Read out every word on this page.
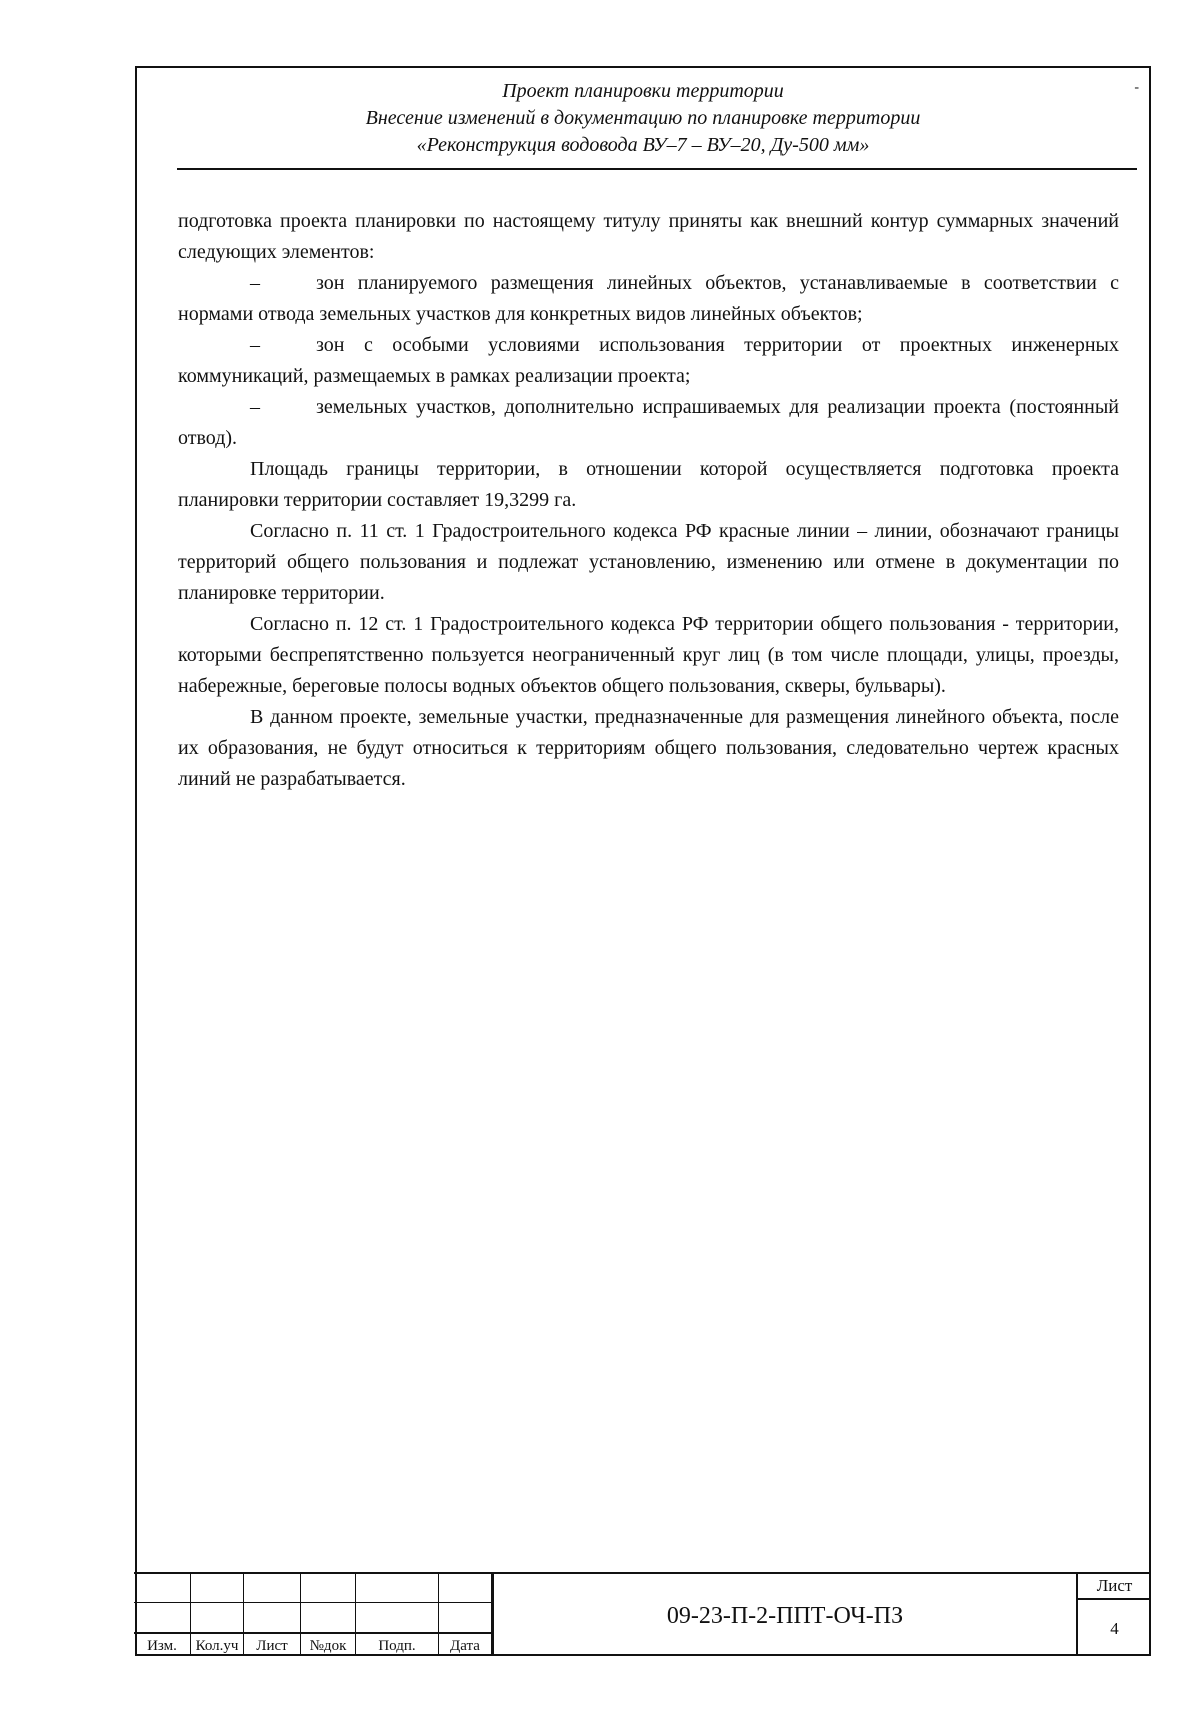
Проект планировки территории
Внесение изменений в документацию по планировке территории
«Реконструкция водовода ВУ–7 – ВУ–20, Ду-500 мм»
-

подготовка проекта планировки по настоящему титулу приняты как внешний контур суммарных значений следующих элементов:

–	зон планируемого размещения линейных объектов, устанавливаемые в соответствии с нормами отвода земельных участков для конкретных видов линейных объектов;

–	зон с особыми условиями использования территории от проектных инженерных коммуникаций, размещаемых в рамках реализации проекта;

–	земельных участков, дополнительно испрашиваемых для реализации проекта (постоянный отвод).

Площадь границы территории, в отношении которой осуществляется подготовка проекта планировки территории составляет 19,3299 га.

Согласно п. 11 ст. 1 Градостроительного кодекса РФ красные линии – линии, обозначают границы территорий общего пользования и подлежат установлению, изменению или отмене в документации по планировке территории.

Согласно п. 12 ст. 1 Градостроительного кодекса РФ территории общего пользования - территории, которыми беспрепятственно пользуется неограниченный круг лиц (в том числе площади, улицы, проезды, набережные, береговые полосы водных объектов общего пользования, скверы, бульвары).

В данном проекте, земельные участки, предназначенные для размещения линейного объекта, после их образования, не будут относиться к территориям общего пользования, следовательно чертеж красных линий не разрабатывается.

Изм.	Кол.уч	Лист	№док	Подп.	Дата
09-23-П-2-ППТ-ОЧ-ПЗ
Лист
4
